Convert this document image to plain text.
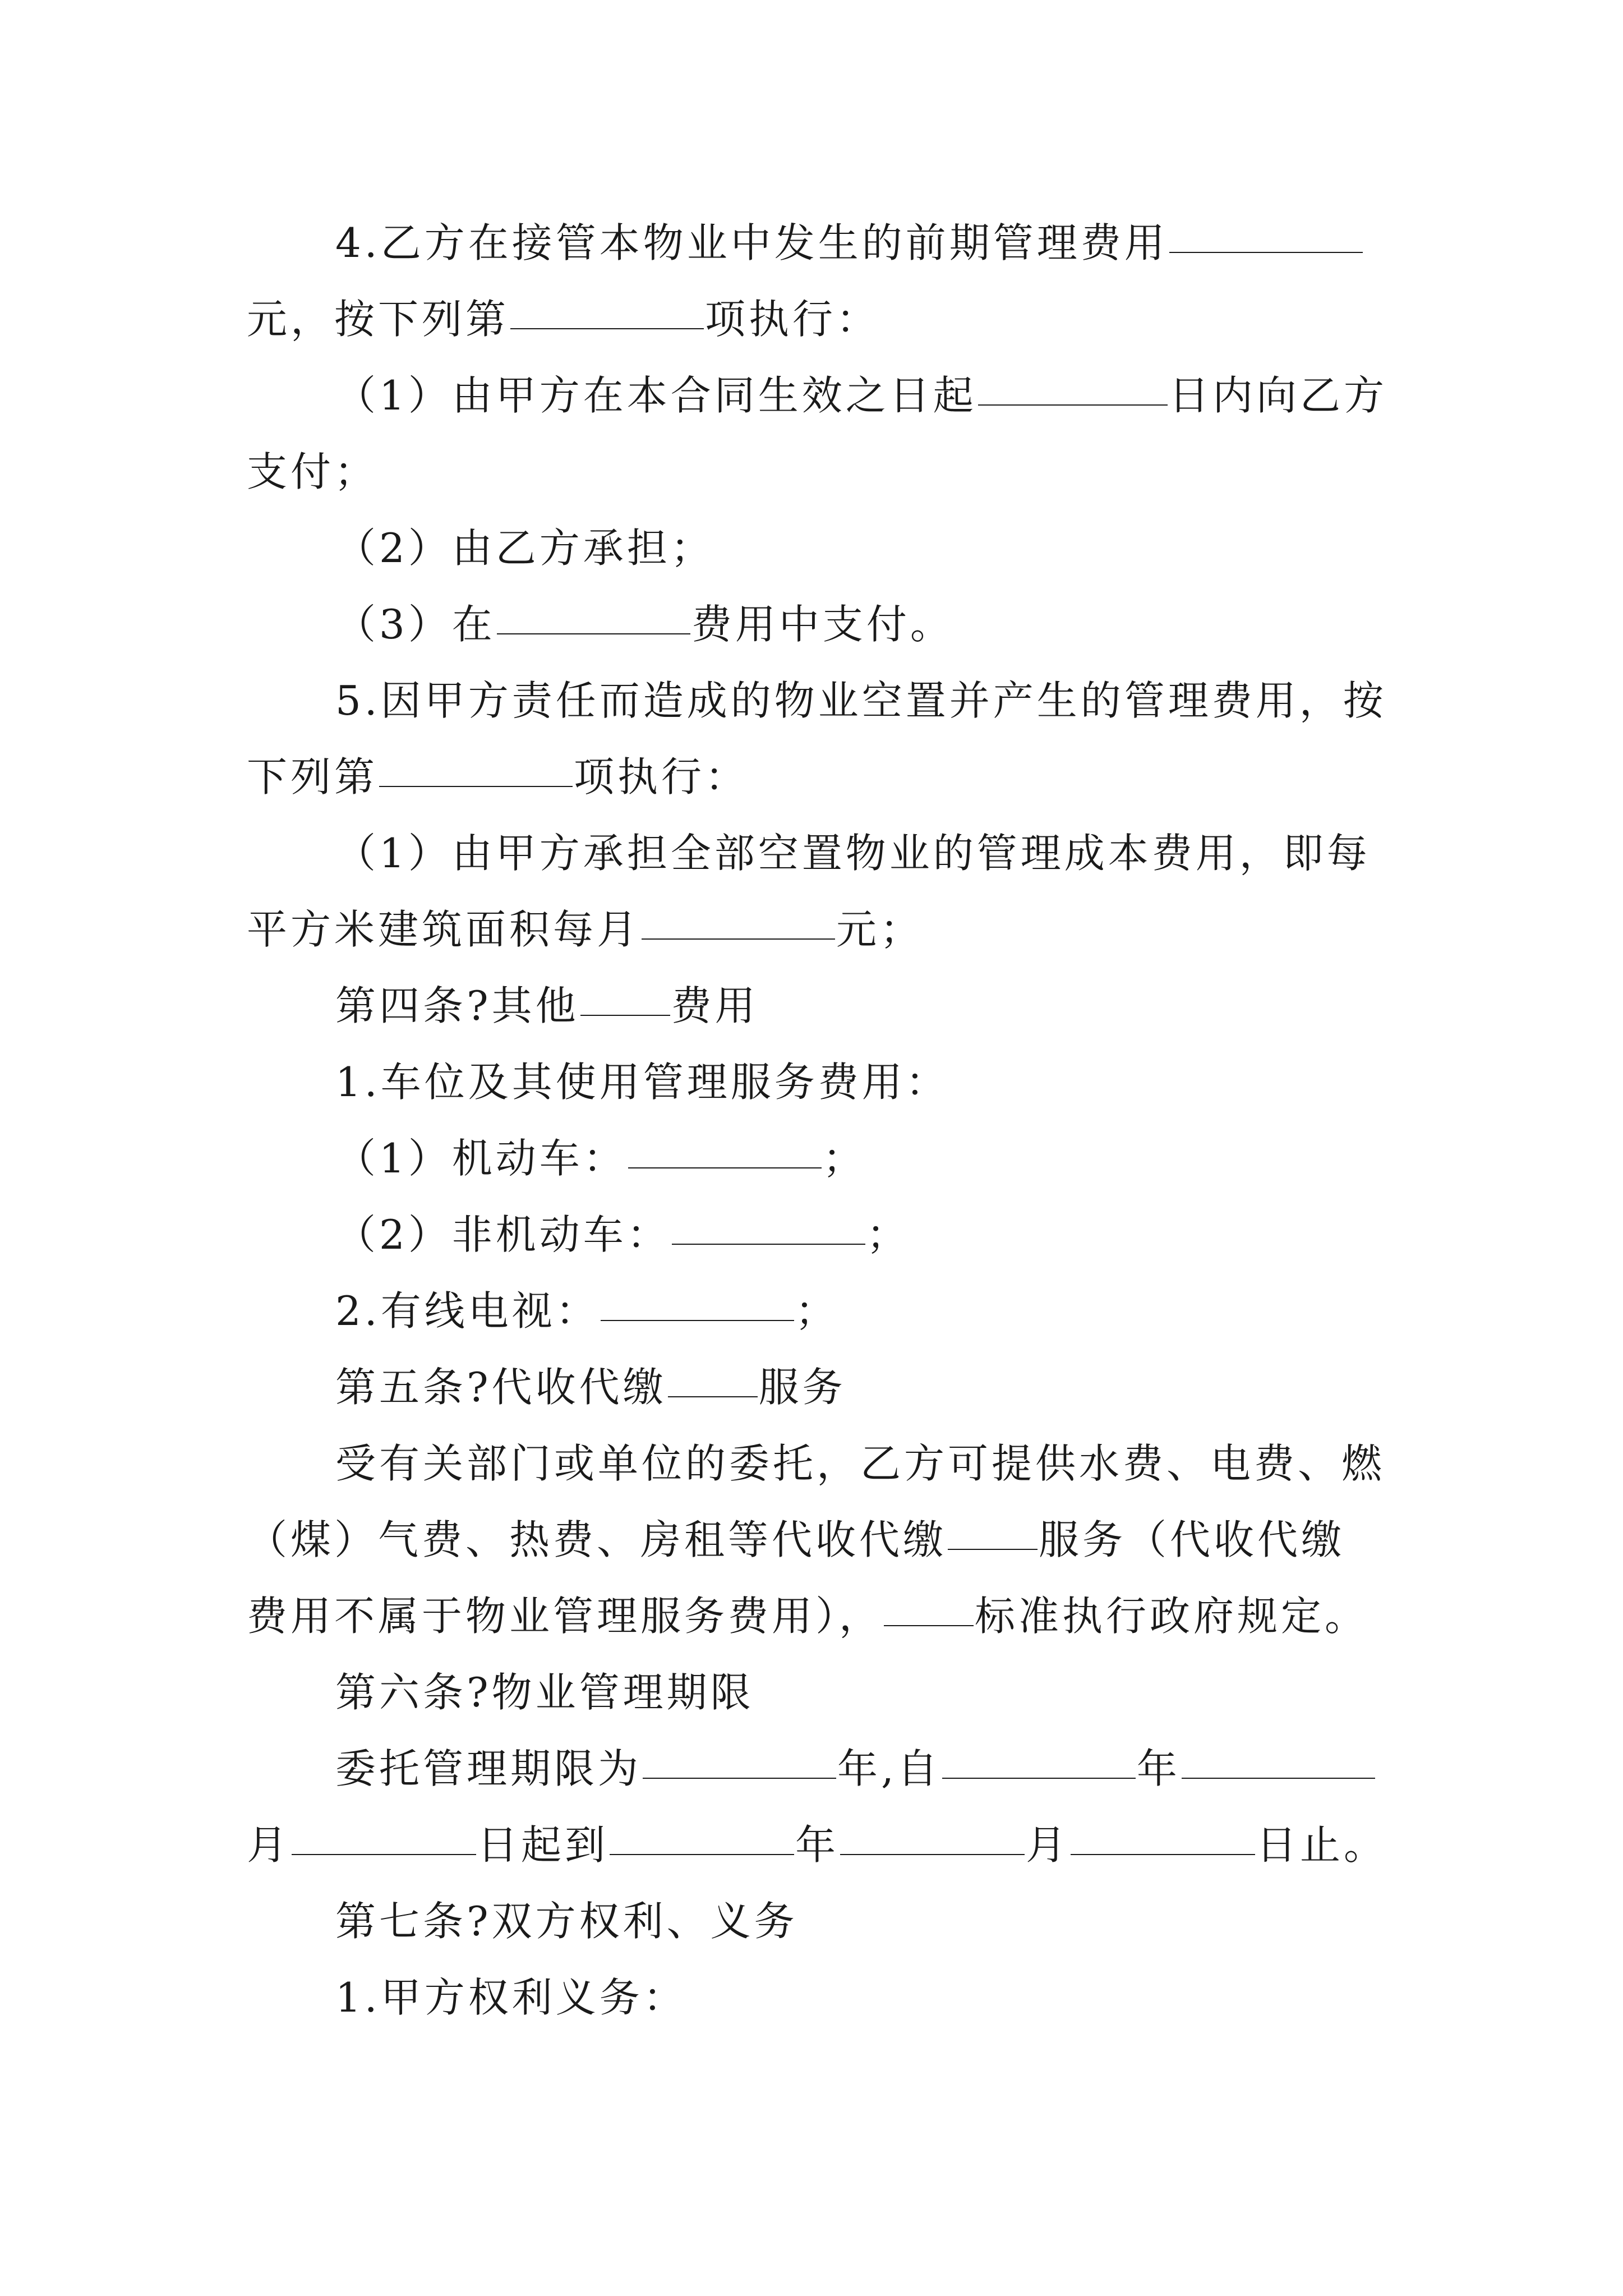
4.乙方在接管本物业中发生的前期管理费用
元，按下列第	项执行：
（1）由甲方在本合同生效之日起	日内向乙方
支付；
（2）由乙方承担；
（3）在	费用中支付。
5.因甲方责任而造成的物业空置并产生的管理费用，按
下列第	项执行：
（1）由甲方承担全部空置物业的管理成本费用，即每
平方米建筑面积每月	元；
第四条?其他 费用
1.车位及其使用管理服务费用：
（1）机动车：	；
（2）非机动车：	；
2.有线电视：	；
第五条?代收代缴 服务
受有关部门或单位的委托，乙方可提供水费、电费、燃
（煤）气费、热费、房租等代收代缴 服务（代收代缴
费用不属于物业管理服务费用）， 标准执行政府规定。
第六条?物业管理期限
委托管理期限为	年,自	年
月	日起到	年	月	日止。
第七条?双方权利、义务
1.甲方权利义务：
